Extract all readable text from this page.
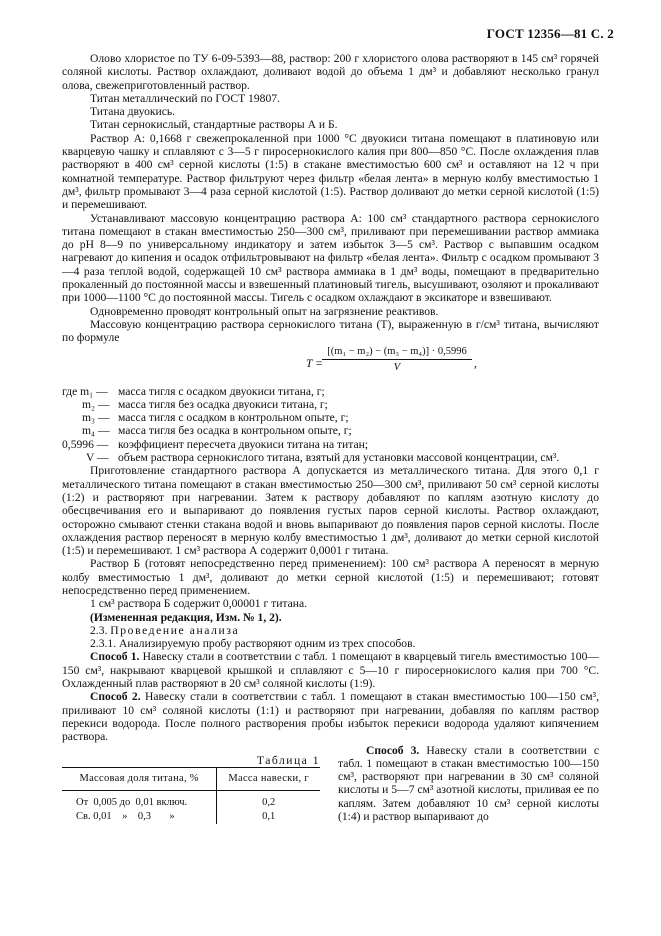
ГОСТ 12356—81 С. 2

Олово хлористое по ТУ 6-09-5393—88, раствор: 200 г хлористого олова растворяют в 145 см³ горячей соляной кислоты. Раствор охлаждают, доливают водой до объема 1 дм³ и добавляют несколько гранул олова, свежеприготовленный раствор.

Титан металлический по ГОСТ 19807.

Титана двуокись.

Титан сернокислый, стандартные растворы А и Б.

Раствор А: 0,1668 г свежепрокаленной при 1000 °С двуокиси титана помещают в платиновую или кварцевую чашку и сплавляют с 3—5 г пиросернокислого калия при 800—850 °С. После охлаждения плав растворяют в 400 см³ серной кислоты (1:5) в стакане вместимостью 600 см³ и оставляют на 12 ч при комнатной температуре. Раствор фильтруют через фильтр «белая лента» в мерную колбу вместимостью 1 дм³, фильтр промывают 3—4 раза серной кислотой (1:5). Раствор доливают до метки серной кислотой (1:5) и перемешивают.

Устанавливают массовую концентрацию раствора А: 100 см³ стандартного раствора сернокислого титана помещают в стакан вместимостью 250—300 см³, приливают при перемешивании раствор аммиака до рН 8—9 по универсальному индикатору и затем избыток 3—5 см³. Раствор с выпавшим осадком нагревают до кипения и осадок отфильтровывают на фильтр «белая лента». Фильтр с осадком промывают 3—4 раза теплой водой, содержащей 10 см³ раствора аммиака в 1 дм³ воды, помещают в предварительно прокаленный до постоянной массы и взвешенный платиновый тигель, высушивают, озоляют и прокаливают при 1000—1100 °С до постоянной массы. Тигель с осадком охлаждают в эксикаторе и взвешивают.

Одновременно проводят контрольный опыт на загрязнение реактивов.

Массовую концентрацию раствора сернокислого титана (Т), выраженную в г/см³ титана, вычисляют по формуле

$T = \frac{\text{[(m₁ − m₂) − (m₃ − m₄)] · 0,5996}}{V}$ ,
где m₁ — масса тигля с осадком двуокиси титана, г;
m₂ — масса тигля без осадка двуокиси титана, г;
m₃ — масса тигля с осадком в контрольном опыте, г;
m₄ — масса тигля без осадка в контрольном опыте, г;
0,5996 — коэффициент пересчета двуокиси титана на титан;
V — объем раствора сернокислого титана, взятый для установки массовой концентрации, см³.

Приготовление стандартного раствора А допускается из металлического титана. Для этого 0,1 г металлического титана помещают в стакан вместимостью 250—300 см³, приливают 50 см³ серной кислоты (1:2) и растворяют при нагревании. Затем к раствору добавляют по каплям азотную кислоту до обесцвечивания его и выпаривают до появления густых паров серной кислоты. Раствор охлаждают, осторожно смывают стенки стакана водой и вновь выпаривают до появления паров серной кислоты. После охлаждения раствор переносят в мерную колбу вместимостью 1 дм³, доливают до метки серной кислотой (1:5) и перемешивают. 1 см³ раствора А содержит 0,0001 г титана.

Раствор Б (готовят непосредственно перед применением): 100 см³ раствора А переносят в мерную колбу вместимостью 1 дм³, доливают до метки серной кислотой (1:5) и перемешивают; готовят непосредственно перед применением.

1 см³ раствора Б содержит 0,00001 г титана.

(Измененная редакция, Изм. № 1, 2).

2.3. Проведение анализа

2.3.1. Анализируемую пробу растворяют одним из трех способов.

Способ 1. Навеску стали в соответствии с табл. 1 помещают в кварцевый тигель вместимостью 100—150 см³, накрывают кварцевой крышкой и сплавляют с 5—10 г пиросернокислого калия при 700 °С. Охлажденный плав растворяют в 20 см³ соляной кислоты (1:9).

Способ 2. Навеску стали в соответствии с табл. 1 помещают в стакан вместимостью 100—150 см³, приливают 10 см³ соляной кислоты (1:1) и растворяют при нагревании, добавляя по каплям раствор перекиси водорода. После полного растворения пробы избыток перекиси водорода удаляют кипячением раствора.

Таблица 1
Массовая доля титана, %	Масса навески, г
От  0,005 до  0,01 включ.	0,2
Св. 0,01    »    0,3       »	0,1

Способ 3. Навеску стали в соответствии с табл. 1 помещают в стакан вместимостью 100—150 см³, растворяют при нагревании в 30 см³ соляной кислоты и 5—7 см³ азотной кислоты, приливая ее по каплям. Затем добавляют 10 см³ серной кислоты (1:4) и раствор выпаривают до
